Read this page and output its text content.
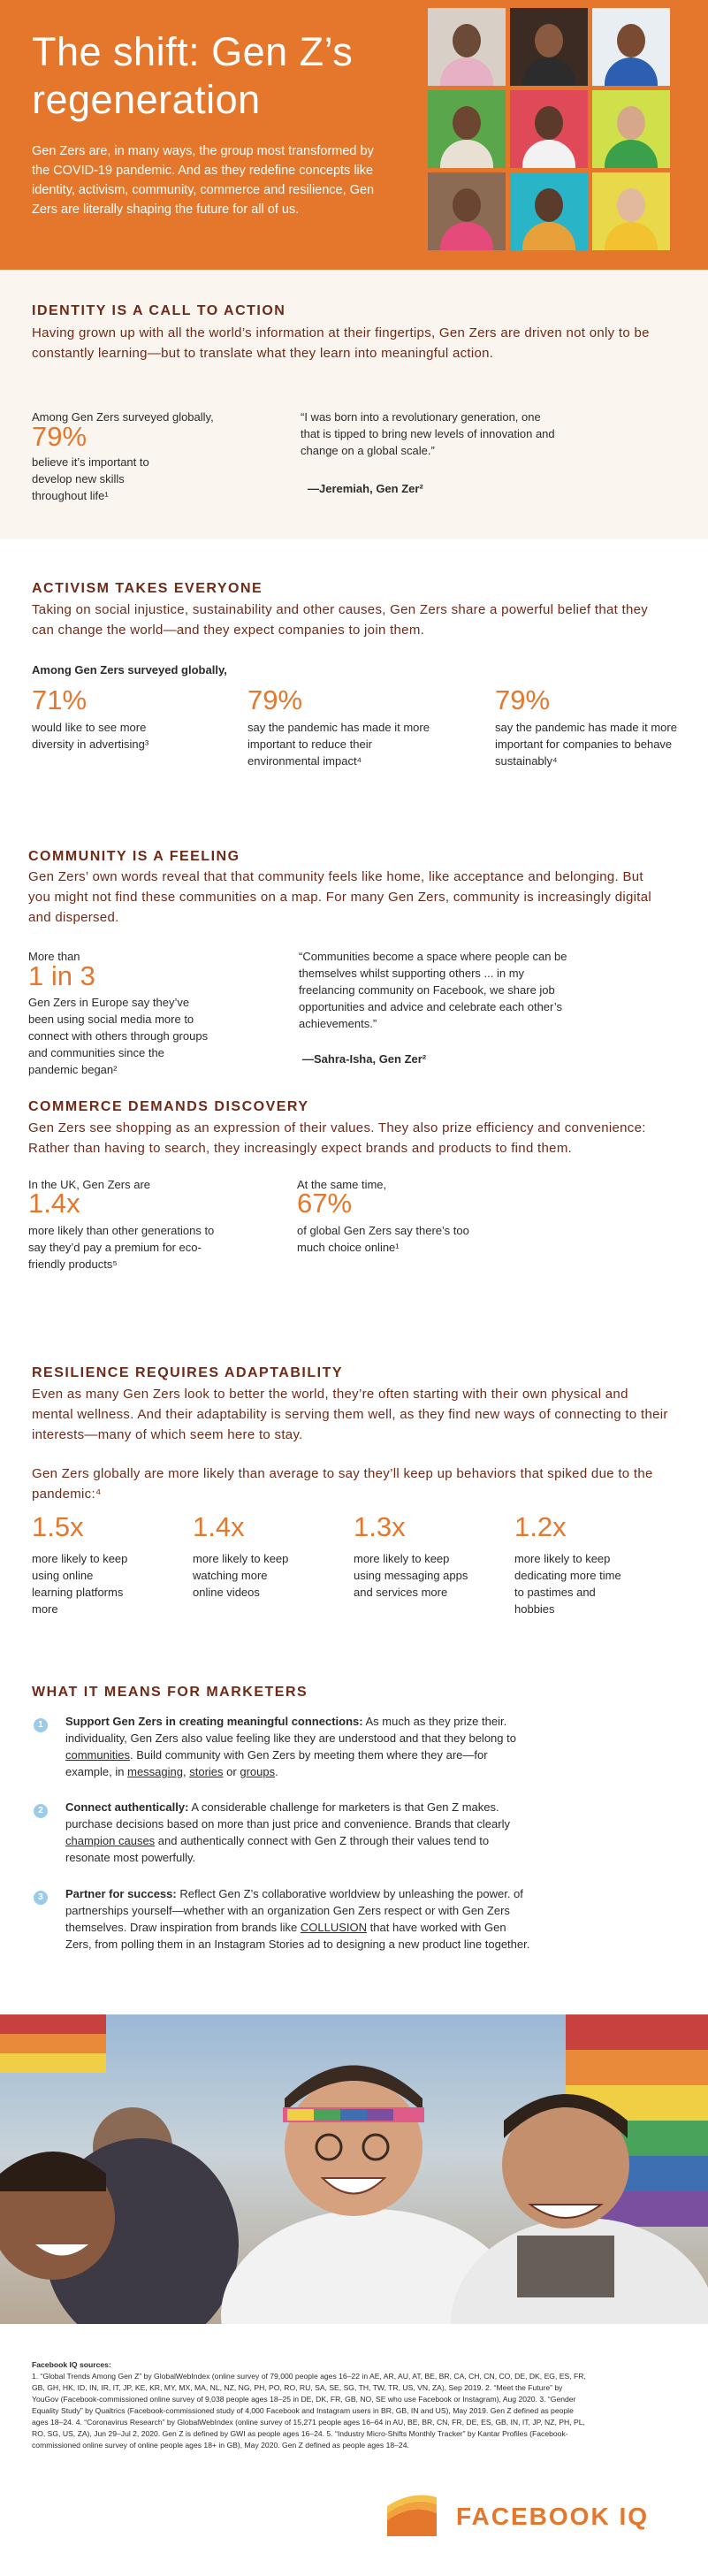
The shift: Gen Z’s regeneration

Gen Zers are, in many ways, the group most transformed by the COVID-19 pandemic. And as they redefine concepts like identity, activism, community, commerce and resilience, Gen Zers are literally shaping the future for all of us.

IDENTITY IS A CALL TO ACTION
Having grown up with all the world’s information at their fingertips, Gen Zers are driven not only to be constantly learning—but to translate what they learn into meaningful action.
Among Gen Zers surveyed globally,
79%
believe it’s important to develop new skills throughout life¹
“I was born into a revolutionary generation, one that is tipped to bring new levels of innovation and change on a global scale.”
—Jeremiah, Gen Zer²
ACTIVISM TAKES EVERYONE
Taking on social injustice, sustainability and other causes, Gen Zers share a powerful belief that they can change the world—and they expect companies to join them.
Among Gen Zers surveyed globally,
71%
would like to see more diversity in advertising³
79%
say the pandemic has made it more important to reduce their environmental impact⁴
79%
say the pandemic has made it more important for companies to behave sustainably⁴
COMMUNITY IS A FEELING
Gen Zers’ own words reveal that that community feels like home, like acceptance and belonging. But you might not find these communities on a map. For many Gen Zers, community is increasingly digital and dispersed.
More than
1 in 3
Gen Zers in Europe say they’ve been using social media more to connect with others through groups and communities since the pandemic began²
“Communities become a space where people can be themselves whilst supporting others ... in my freelancing community on Facebook, we share job opportunities and advice and celebrate each other’s achievements.”
—Sahra-Isha, Gen Zer²
COMMERCE DEMANDS DISCOVERY
Gen Zers see shopping as an expression of their values. They also prize efficiency and convenience: Rather than having to search, they increasingly expect brands and products to find them.
In the UK, Gen Zers are
1.4x
more likely than other generations to say they’d pay a premium for eco-friendly products⁵
At the same time,
67%
of global Gen Zers say there’s too much choice online¹
RESILIENCE REQUIRES ADAPTABILITY
Even as many Gen Zers look to better the world, they’re often starting with their own physical and mental wellness. And their adaptability is serving them well, as they find new ways of connecting to their interests—many of which seem here to stay.
Gen Zers globally are more likely than average to say they’ll keep up behaviors that spiked due to the pandemic:⁴
1.5x
more likely to keep using online learning platforms more
1.4x
more likely to keep watching more online videos
1.3x
more likely to keep using messaging apps and services more
1.2x
more likely to keep dedicating more time to pastimes and hobbies
WHAT IT MEANS FOR MARKETERS
1	Support Gen Zers in creating meaningful connections: As much as they prize their. individuality, Gen Zers also value feeling like they are understood and that they belong to communities. Build community with Gen Zers by meeting them where they are—for example, in messaging, stories or groups.
2	Connect authentically: A considerable challenge for marketers is that Gen Z makes. purchase decisions based on more than just price and convenience. Brands that clearly champion causes and authentically connect with Gen Z through their values tend to resonate most powerfully.
3	Partner for success: Reflect Gen Z’s collaborative worldview by unleashing the power. of partnerships yourself—whether with an organization Gen Zers respect or with Gen Zers themselves. Draw inspiration from brands like COLLUSION that have worked with Gen Zers, from polling them in an Instagram Stories ad to designing a new product line together.
Facebook IQ sources:
1. “Global Trends Among Gen Z” by GlobalWebIndex (online survey of 79,000 people ages 16–22 in AE, AR, AU, AT, BE, BR, CA, CH, CN, CO, DE, DK, EG, ES, FR, GB, GH, HK, ID, IN, IR, IT, JP, KE, KR, MY, MX, MA, NL, NZ, NG, PH, PO, RO, RU, SA, SE, SG, TH, TW, TR, US, VN, ZA), Sep 2019. 2. “Meet the Future” by YouGov (Facebook-commissioned online survey of 9,038 people ages 18–25 in DE, DK, FR, GB, NO, SE who use Facebook or Instagram), Aug 2020. 3. “Gender Equality Study” by Qualtrics (Facebook-commissioned study of 4,000 Facebook and Instagram users in BR, GB, IN and US), May 2019. Gen Z defined as people ages 18–24. 4. “Coronavirus Research” by GlobalWebIndex (online survey of 15,271 people ages 16–64 in AU, BE, BR, CN, FR, DE, ES, GB, IN, IT, JP, NZ, PH, PL, RO, SG, US, ZA), Jun 29–Jul 2, 2020. Gen Z is defined by GWI as people ages 16–24. 5. “Industry Micro-Shifts Monthly Tracker” by Kantar Profiles (Facebook-commissioned online survey of online people ages 18+ in GB), May 2020. Gen Z defined as people ages 18–24.
FACEBOOK IQ
